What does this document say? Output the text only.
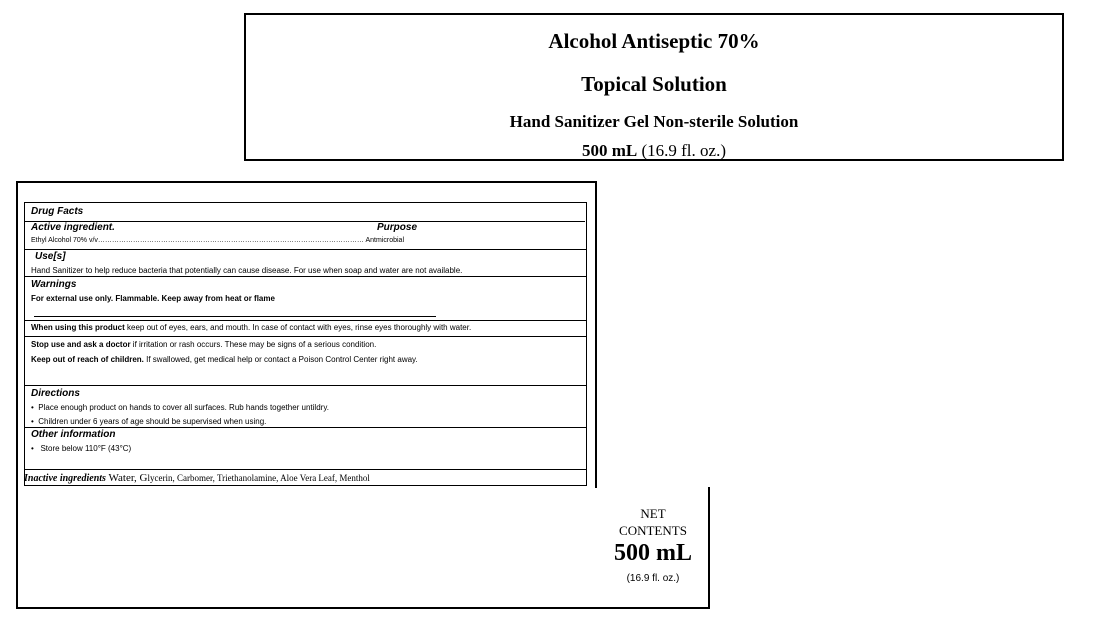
Alcohol Antiseptic 70%
Topical Solution
Hand Sanitizer Gel Non-sterile Solution
500 mL (16.9 fl. oz.)
Drug Facts
Active ingredient.	Purpose
Ethyl Alcohol 70% v/v…………………………………………………………………………………………………… Antmicrobial
Use[s]
Hand Sanitizer to help reduce bacteria that potentially can cause disease. For use when soap and water are not available.
Warnings
For external use only. Flammable. Keep away from heat or flame
When using this product keep out of eyes, ears, and mouth. In case of contact with eyes, rinse eyes thoroughly with water.
Stop use and ask a doctor if irritation or rash occurs. These may be signs of a serious condition.
Keep out of reach of children. If swallowed, get medical help or contact a Poison Control Center right away.
Directions
•  Place enough product on hands to cover all surfaces. Rub hands together untildry.
•  Children under 6 years of age should be supervised when using.
Other information
•   Store below 110°F (43°C)
Inactive ingredients Water, Glycerin, Carbomer, Triethanolamine, Aloe Vera Leaf, Menthol
NET
CONTENTS
500 mL
(16.9 fl. oz.)
